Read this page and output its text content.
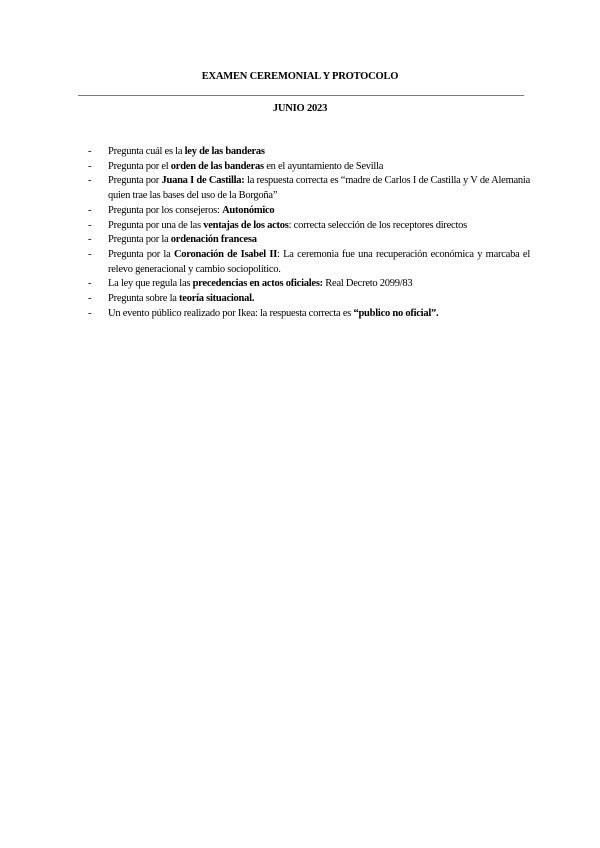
EXAMEN CEREMONIAL Y PROTOCOLO
JUNIO 2023
-	Pregunta cuál es la ley de las banderas
-	Pregunta por el orden de las banderas en el ayuntamiento de Sevilla
-	Pregunta por Juana I de Castilla: la respuesta correcta es “madre de Carlos I de Castilla y V de Alemania quien trae las bases del uso de la Borgoña”
-	Pregunta por los consejeros: Autonómico
-	Pregunta por una de las ventajas de los actos: correcta selección de los receptores directos
-	Pregunta por la ordenación francesa
-	Pregunta por la Coronación de Isabel II: La ceremonia fue una recuperación económica y marcaba el relevo generacional y cambio sociopolítico.
-	La ley que regula las precedencias en actos oficiales: Real Decreto 2099/83
-	Pregunta sobre la teoría situacional.
-	Un evento público realizado por Ikea: la respuesta correcta es “publico no oficial”.
